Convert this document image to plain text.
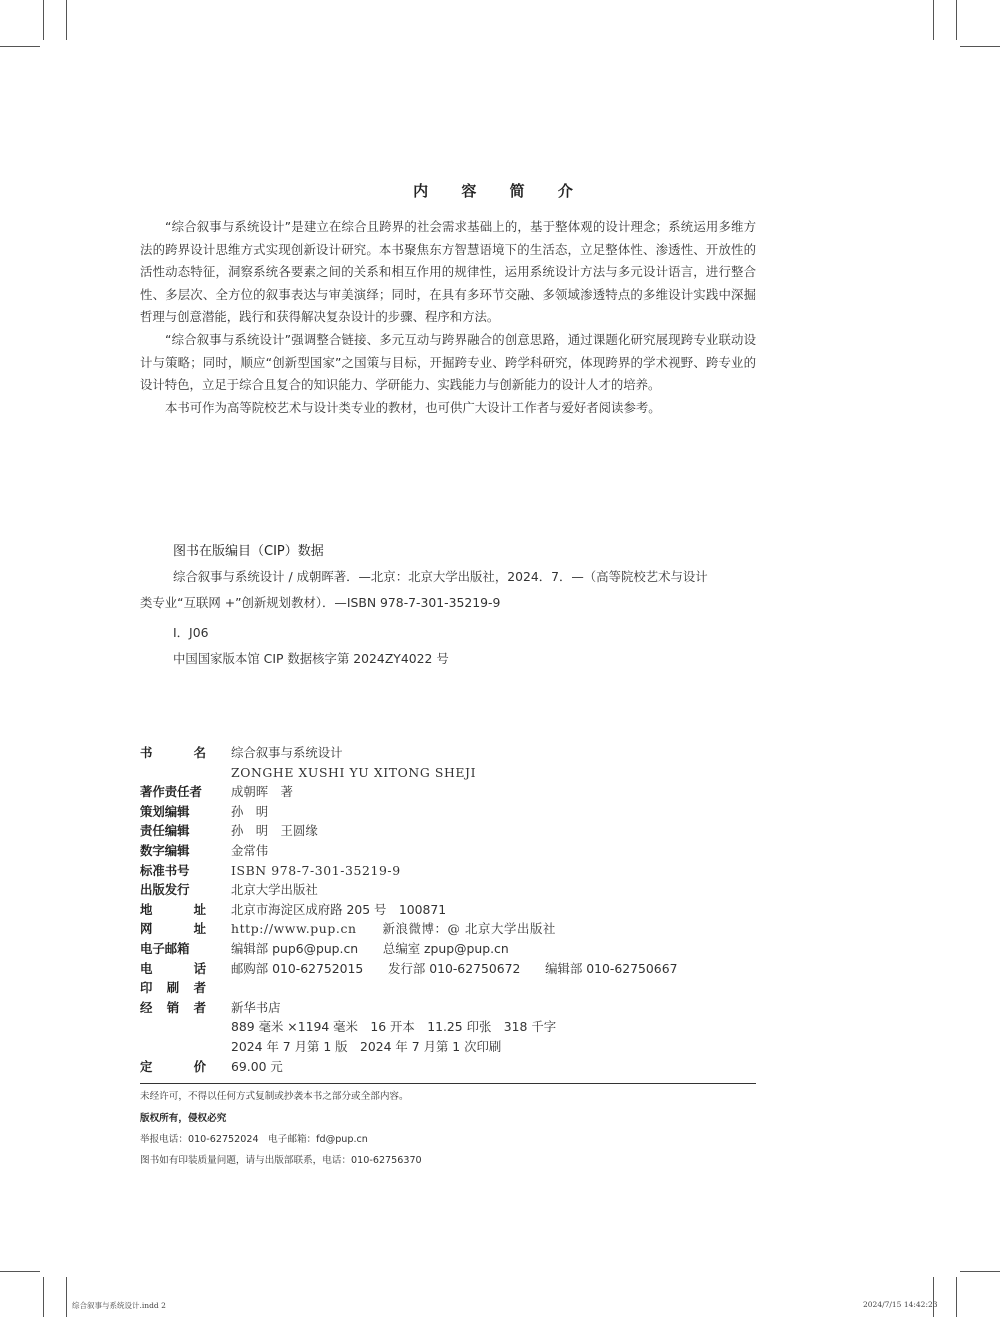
内 容 简 介

“综合叙事与系统设计”是建立在综合且跨界的社会需求基础上的，基于整体观的设计理念；系统运用多维方法的跨界设计思维方式实现创新设计研究。本书聚焦东方智慧语境下的生活态，立足整体性、渗透性、开放性的活性动态特征，洞察系统各要素之间的关系和相互作用的规律性，运用系统设计方法与多元设计语言，进行整合性、多层次、全方位的叙事表达与审美演绎；同时，在具有多环节交融、多领域渗透特点的多维设计实践中深掘哲理与创意潜能，践行和获得解决复杂设计的步骤、程序和方法。

“综合叙事与系统设计”强调整合链接、多元互动与跨界融合的创意思路，通过课题化研究展现跨专业联动设计与策略；同时，顺应“创新型国家”之国策与目标，开掘跨专业、跨学科研究，体现跨界的学术视野、跨专业的设计特色，立足于综合且复合的知识能力、学研能力、实践能力与创新能力的设计人才的培养。

本书可作为高等院校艺术与设计类专业的教材，也可供广大设计工作者与爱好者阅读参考。

图书在版编目（CIP）数据

综合叙事与系统设计 / 成朝晖著．—北京：北京大学出版社，2024．7．—（高等院校艺术与设计

类专业“互联网 +”创新规划教材）．—ISBN 978-7-301-35219-9

Ⅰ．J06

中国国家版本馆 CIP 数据核字第 2024ZY4022 号

书	名 综合叙事与系统设计
ZONGHE XUSHI YU XITONG SHEJI
著作责任者 成朝晖　著
策划编辑	孙　明
责任编辑	孙　明　王圆缘
数字编辑	金常伟
标准书号	ISBN 978-7-301-35219-9
出版发行	北京大学出版社
地	址 北京市海淀区成府路 205 号　100871
网	址 http://www.pup.cn　　新浪微博：@ 北京大学出版社
电子邮箱	编辑部 pup6@pup.cn　　总编室 zpup@pup.cn
电	话 邮购部 010-62752015　　发行部 010-62750672　　编辑部 010-62750667
印 刷 者
经 销 者 新华书店
889 毫米 ×1194 毫米　16 开本　11.25 印张　318 千字
2024 年 7 月第 1 版　2024 年 7 月第 1 次印刷
定	价 69.00 元
未经许可，不得以任何方式复制或抄袭本书之部分或全部内容。
版权所有，侵权必究
举报电话：010-62752024　电子邮箱：fd@pup.cn
图书如有印装质量问题，请与出版部联系，电话：010-62756370
综合叙事与系统设计.indd 2	2024/7/15 14:42:23
